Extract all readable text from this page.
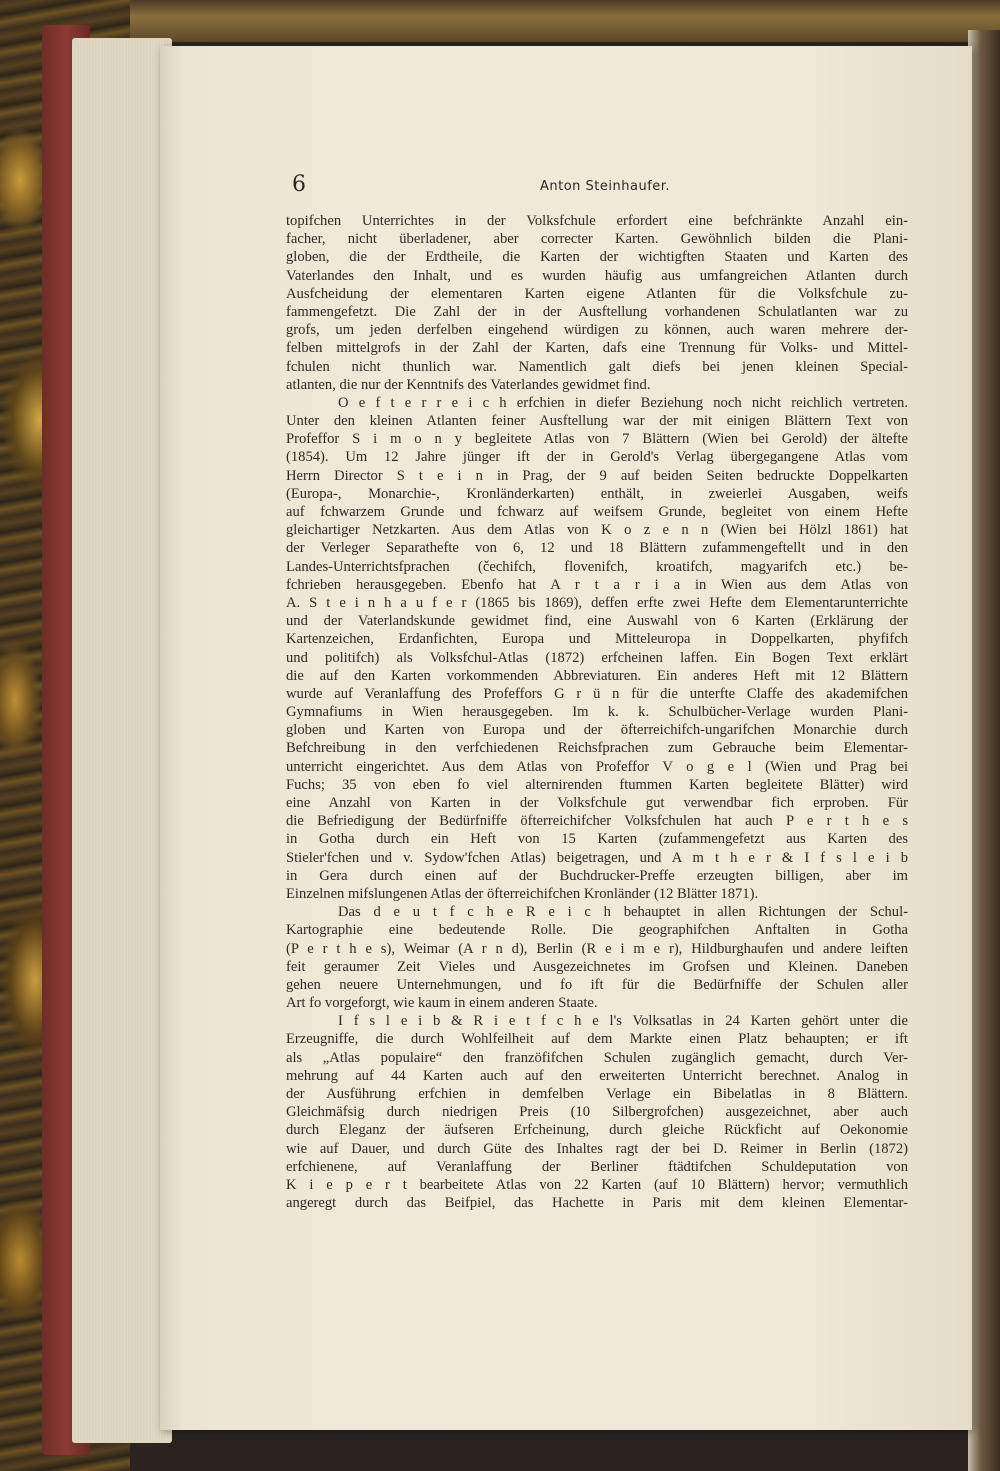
6	Anton Steinhaufer.
topifchen Unterrichtes in der Volksfchule erfordert eine befchränkte Anzahl ein-
facher, nicht überladener, aber correcter Karten. Gewöhnlich bilden die Plani-
globen, die der Erdtheile, die Karten der wichtigften Staaten und Karten des
Vaterlandes den Inhalt, und es wurden häufig aus umfangreichen Atlanten durch
Ausfcheidung der elementaren Karten eigene Atlanten für die Volksfchule zu-
fammengefetzt. Die Zahl der in der Ausftellung vorhandenen Schulatlanten war zu
grofs, um jeden derfelben eingehend würdigen zu können, auch waren mehrere der-
felben mittelgrofs in der Zahl der Karten, dafs eine Trennung für Volks- und Mittel-
fchulen nicht thunlich war. Namentlich galt diefs bei jenen kleinen Special-
atlanten, die nur der Kenntnifs des Vaterlandes gewidmet find.
O e f t e r r e i c h erfchien in diefer Beziehung noch nicht reichlich vertreten.
Unter den kleinen Atlanten feiner Ausftellung war der mit einigen Blättern Text von
Profeffor S i m o n y begleitete Atlas von 7 Blättern (Wien bei Gerold) der ältefte
(1854). Um 12 Jahre jünger ift der in Gerold's Verlag übergegangene Atlas vom
Herrn Director S t e i n in Prag, der 9 auf beiden Seiten bedruckte Doppelkarten
(Europa-, Monarchie-, Kronländerkarten) enthält, in zweierlei Ausgaben, weifs
auf fchwarzem Grunde und fchwarz auf weifsem Grunde, begleitet von einem Hefte
gleichartiger Netzkarten. Aus dem Atlas von K o z e n n (Wien bei Hölzl 1861) hat
der Verleger Separathefte von 6, 12 und 18 Blättern zufammengeftellt und in den
Landes-Unterrichtsfprachen (čechifch, flovenifch, kroatifch, magyarifch etc.) be-
fchrieben herausgegeben. Ebenfo hat A r t a r i a in Wien aus dem Atlas von
A. S t e i n h a u f e r (1865 bis 1869), deffen erfte zwei Hefte dem Elementarunterrichte
und der Vaterlandskunde gewidmet find, eine Auswahl von 6 Karten (Erklärung der
Kartenzeichen, Erdanfichten, Europa und Mitteleuropa in Doppelkarten, phyfifch
und politifch) als Volksfchul-Atlas (1872) erfcheinen laffen. Ein Bogen Text erklärt
die auf den Karten vorkommenden Abbreviaturen. Ein anderes Heft mit 12 Blättern
wurde auf Veranlaffung des Profeffors G r ü n für die unterfte Claffe des akademifchen
Gymnafiums in Wien herausgegeben. Im k. k. Schulbücher-Verlage wurden Plani-
globen und Karten von Europa und der öfterreichifch-ungarifchen Monarchie durch
Befchreibung in den verfchiedenen Reichsfprachen zum Gebrauche beim Elementar-
unterricht eingerichtet. Aus dem Atlas von Profeffor V o g e l (Wien und Prag bei
Fuchs; 35 von eben fo viel alternirenden ftummen Karten begleitete Blätter) wird
eine Anzahl von Karten in der Volksfchule gut verwendbar fich erproben. Für
die Befriedigung der Bedürfniffe öfterreichifcher Volksfchulen hat auch P e r t h e s
in Gotha durch ein Heft von 15 Karten (zufammengefetzt aus Karten des
Stieler'fchen und v. Sydow'fchen Atlas) beigetragen, und A m t h e r & I f s l e i b
in Gera durch einen auf der Buchdrucker-Preffe erzeugten billigen, aber im
Einzelnen mifslungenen Atlas der öfterreichifchen Kronländer (12 Blätter 1871).
Das d e u t f c h e R e i c h behauptet in allen Richtungen der Schul-
Kartographie eine bedeutende Rolle. Die geographifchen Anftalten in Gotha
(P e r t h e s), Weimar (A r n d), Berlin (R e i m e r), Hildburghaufen und andere leiften
feit geraumer Zeit Vieles und Ausgezeichnetes im Grofsen und Kleinen. Daneben
gehen neuere Unternehmungen, und fo ift für die Bedürfniffe der Schulen aller
Art fo vorgeforgt, wie kaum in einem anderen Staate.
I f s l e i b & R i e t f c h e l's Volksatlas in 24 Karten gehört unter die
Erzeugniffe, die durch Wohlfeilheit auf dem Markte einen Platz behaupten; er ift
als „Atlas populaire“ den franzöfifchen Schulen zugänglich gemacht, durch Ver-
mehrung auf 44 Karten auch auf den erweiterten Unterricht berechnet. Analog in
der Ausführung erfchien in demfelben Verlage ein Bibelatlas in 8 Blättern.
Gleichmäfsig durch niedrigen Preis (10 Silbergrofchen) ausgezeichnet, aber auch
durch Eleganz der äufseren Erfcheinung, durch gleiche Rückficht auf Oekonomie
wie auf Dauer, und durch Güte des Inhaltes ragt der bei D. Reimer in Berlin (1872)
erfchienene, auf Veranlaffung der Berliner ftädtifchen Schuldeputation von
K i e p e r t bearbeitete Atlas von 22 Karten (auf 10 Blättern) hervor; vermuthlich
angeregt durch das Beifpiel, das Hachette in Paris mit dem kleinen Elementar-
